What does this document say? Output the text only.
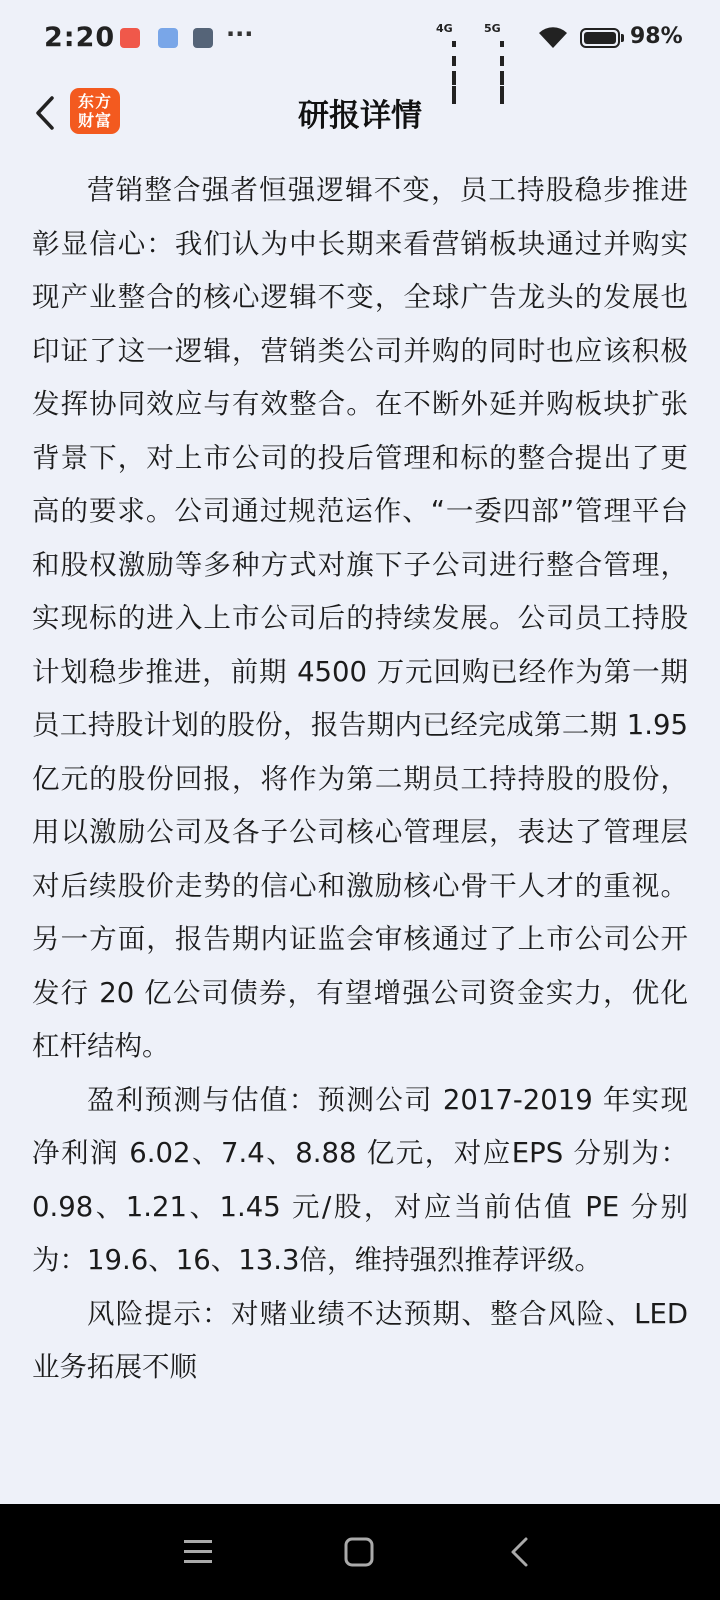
2:20	···	4G	5G	98%
东方财富	研报详情

营销整合强者恒强逻辑不变，员工持股稳步推进彰显信心：我们认为中长期来看营销板块通过并购实现产业整合的核心逻辑不变，全球广告龙头的发展也印证了这一逻辑，营销类公司并购的同时也应该积极发挥协同效应与有效整合。在不断外延并购板块扩张背景下，对上市公司的投后管理和标的整合提出了更高的要求。公司通过规范运作、“一委四部”管理平台和股权激励等多种方式对旗下子公司进行整合管理，实现标的进入上市公司后的持续发展。公司员工持股计划稳步推进，前期 4500 万元回购已经作为第一期员工持股计划的股份，报告期内已经完成第二期 1.95 亿元的股份回报，将作为第二期员工持持股的股份，用以激励公司及各子公司核心管理层，表达了管理层对后续股价走势的信心和激励核心骨干人才的重视。另一方面，报告期内证监会审核通过了上市公司公开发行 20 亿公司债券，有望增强公司资金实力，优化杠杆结构。

盈利预测与估值：预测公司 2017-2019 年实现净利润 6.02、7.4、8.88 亿元，对应EPS 分别为：0.98、1.21、1.45 元/股，对应当前估值 PE 分别为：19.6、16、13.3倍，维持强烈推荐评级。

风险提示：对赌业绩不达预期、整合风险、LED 业务拓展不顺
